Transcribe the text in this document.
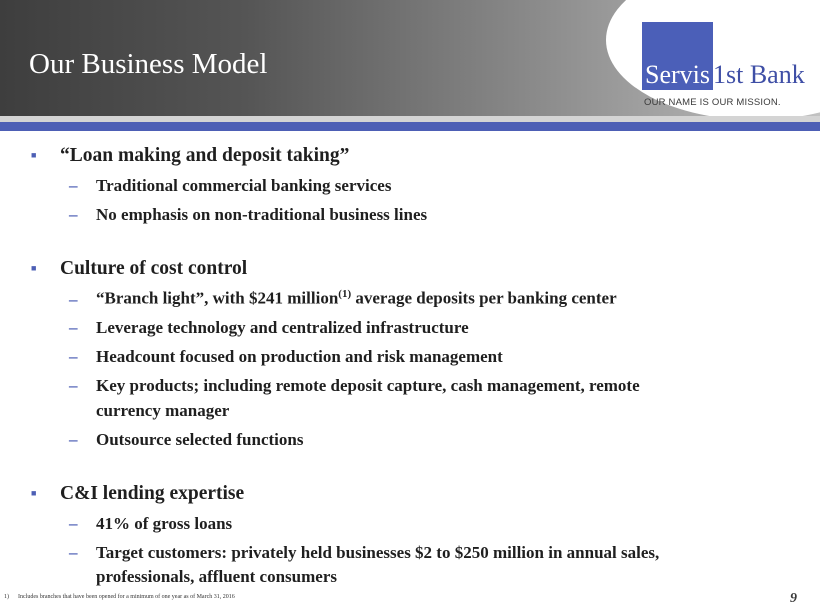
Our Business Model	Servis 1st Bank
OUR NAME IS OUR MISSION.
■ “Loan making and deposit taking”
– Traditional commercial banking services
– No emphasis on non-traditional business lines
■ Culture of cost control
– “Branch light”, with $241 million$^{(1)}$ average deposits per banking center
– Leverage technology and centralized infrastructure
– Headcount focused on production and risk management
– Key products; including remote deposit capture, cash management, remote
currency manager
– Outsource selected functions
■ C&I lending expertise
– 41% of gross loans
– Target customers: privately held businesses $2 to $250 million in annual sales,
professionals, affluent consumers
1) Includes branches that have been opened for a minimum of one year as of March 31, 2016	9
